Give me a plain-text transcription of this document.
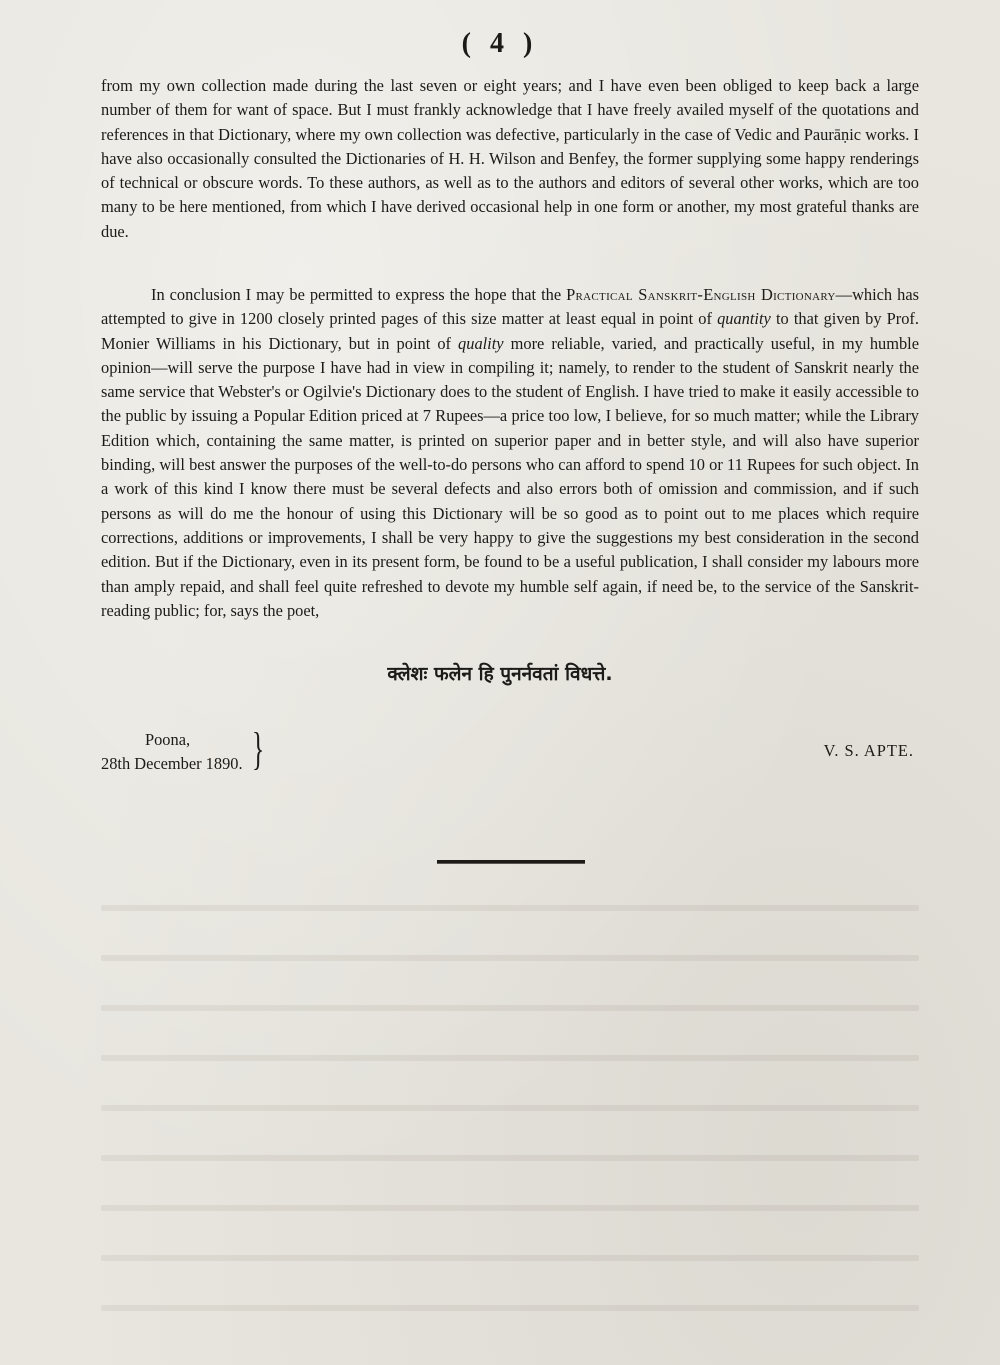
( 4 )
from my own collection made during the last seven or eight years; and I have even been obliged to keep back a large number of them for want of space. But I must frankly acknowledge that I have freely availed myself of the quotations and references in that Dictionary, where my own collection was defective, particularly in the case of Vedic and Paurāṇic works. I have also occasionally consulted the Dictionaries of H. H. Wilson and Benfey, the former supplying some happy renderings of technical or obscure words. To these authors, as well as to the authors and editors of several other works, which are too many to be here mentioned, from which I have derived occasional help in one form or another, my most grateful thanks are due.
In conclusion I may be permitted to express the hope that the Practical Sanskrit-English Dictionary—which has attempted to give in 1200 closely printed pages of this size matter at least equal in point of quantity to that given by Prof. Monier Williams in his Dictionary, but in point of quality more reliable, varied, and practically useful, in my humble opinion—will serve the purpose I have had in view in compiling it; namely, to render to the student of Sanskrit nearly the same service that Webster's or Ogilvie's Dictionary does to the student of English. I have tried to make it easily accessible to the public by issuing a Popular Edition priced at 7 Rupees—a price too low, I believe, for so much matter; while the Library Edition which, containing the same matter, is printed on superior paper and in better style, and will also have superior binding, will best answer the purposes of the well-to-do persons who can afford to spend 10 or 11 Rupees for such object. In a work of this kind I know there must be several defects and also errors both of omission and commission, and if such persons as will do me the honour of using this Dictionary will be so good as to point out to me places which require corrections, additions or improvements, I shall be very happy to give the suggestions my best consideration in the second edition. But if the Dictionary, even in its present form, be found to be a useful publication, I shall consider my labours more than amply repaid, and shall feel quite refreshed to devote my humble self again, if need be, to the service of the Sanskrit-reading public; for, says the poet,
क्लेशः फलेन हि पुनर्नवतां विधत्ते.
Poona,
28th December 1890. }	V. S. APTE.
